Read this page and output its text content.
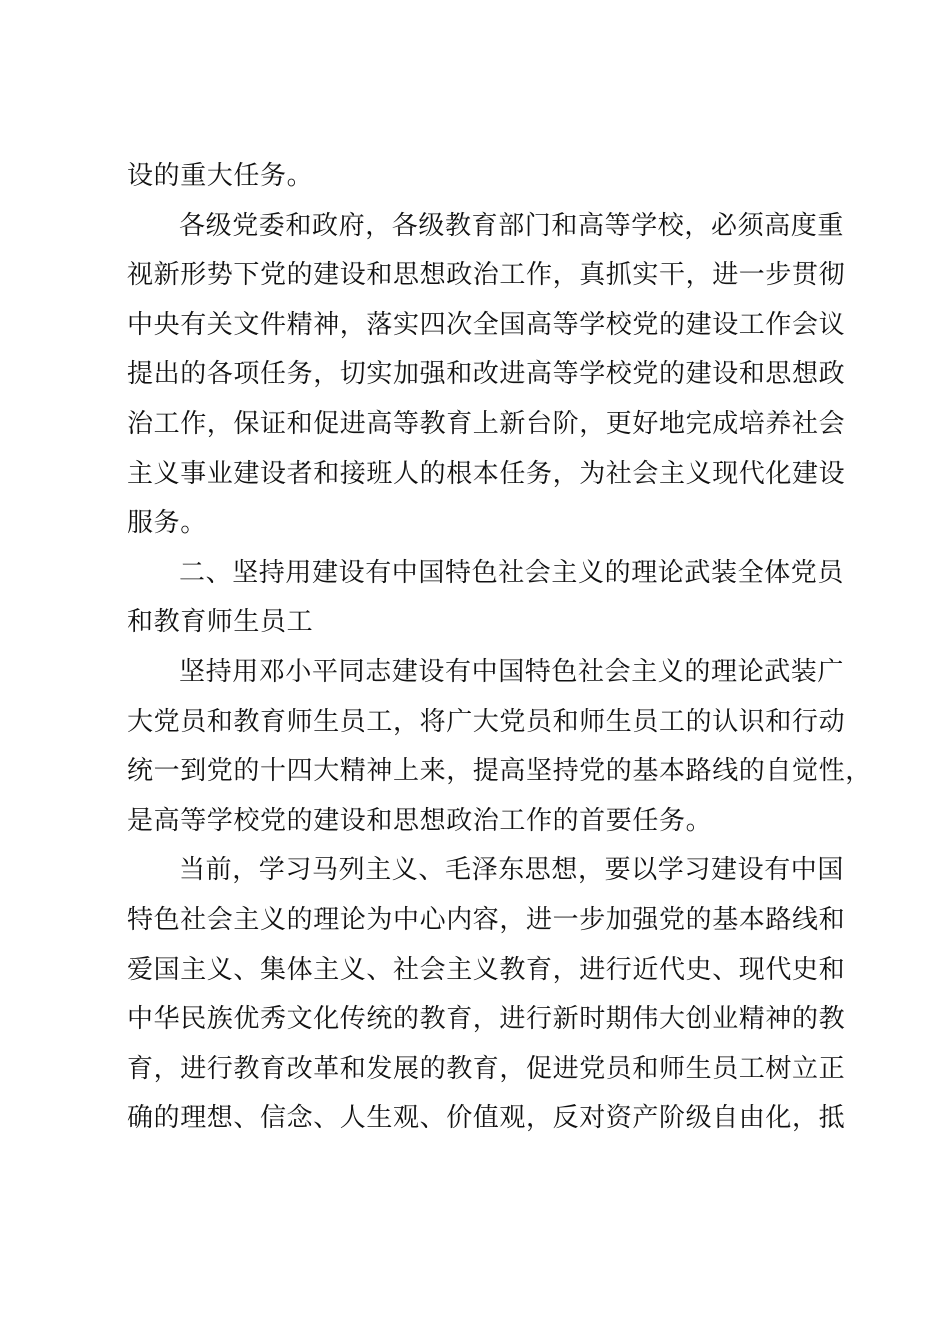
设的重大任务。
各级党委和政府，各级教育部门和高等学校，必须高度重
视新形势下党的建设和思想政治工作，真抓实干，进一步贯彻
中央有关文件精神，落实四次全国高等学校党的建设工作会议
提出的各项任务，切实加强和改进高等学校党的建设和思想政
治工作，保证和促进高等教育上新台阶，更好地完成培养社会
主义事业建设者和接班人的根本任务，为社会主义现代化建设
服务。
二、坚持用建设有中国特色社会主义的理论武装全体党员
和教育师生员工
坚持用邓小平同志建设有中国特色社会主义的理论武装广
大党员和教育师生员工，将广大党员和师生员工的认识和行动
统一到党的十四大精神上来，提高坚持党的基本路线的自觉性，
是高等学校党的建设和思想政治工作的首要任务。
当前，学习马列主义、毛泽东思想，要以学习建设有中国
特色社会主义的理论为中心内容，进一步加强党的基本路线和
爱国主义、集体主义、社会主义教育，进行近代史、现代史和
中华民族优秀文化传统的教育，进行新时期伟大创业精神的教
育，进行教育改革和发展的教育，促进党员和师生员工树立正
确的理想、信念、人生观、价值观，反对资产阶级自由化，抵
